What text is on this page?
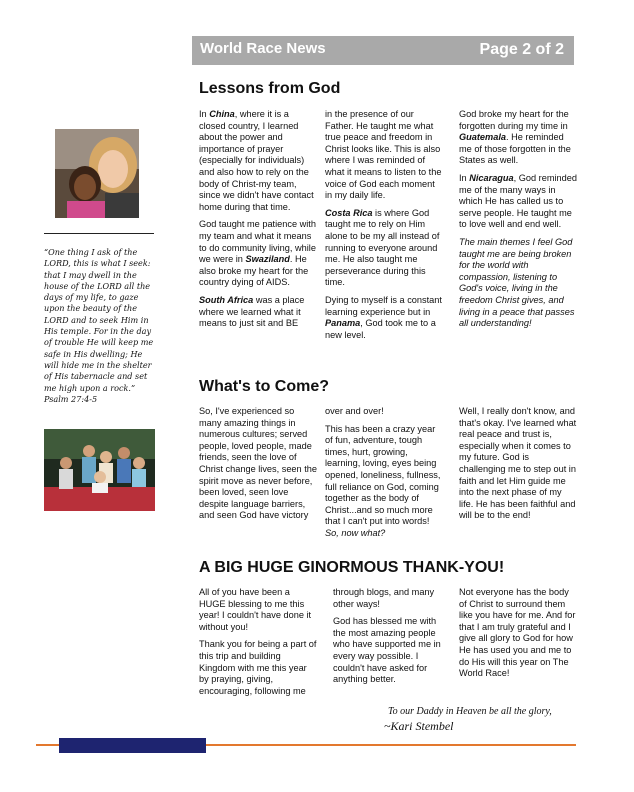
World Race News	Page 2 of 2
“One thing I ask of the LORD, this is what I seek: that I may dwell in the house of the LORD all the days of my life, to gaze upon the beauty of the LORD and to seek Him in His temple. For in the day of trouble He will keep me safe in His dwelling; He will hide me in the shelter of His tabernacle and set me high upon a rock.”
Psalm 27:4-5
Lessons from God

In China, where it is a closed country, I learned about the power and importance of prayer (especially for individuals) and also how to rely on the body of Christ-my team, since we didn't have contact home during that time.

God taught me patience with my team and what it means to do community living, while we were in Swaziland. He also broke my heart for the country dying of AIDS.

South Africa was a place where we learned what it means to just sit and BE

in the presence of our Father. He taught me what true peace and freedom in Christ looks like. This is also where I was reminded of what it means to listen to the voice of God each moment in my daily life.

Costa Rica is where God taught me to rely on Him alone to be my all instead of running to everyone around me. He also taught me perseverance during this time.

Dying to myself is a constant learning experience but in Panama, God took me to a new level.

God broke my heart for the forgotten during my time in Guatemala. He reminded me of those forgotten in the States as well.

In Nicaragua, God reminded me of the many ways in which He has called us to serve people. He taught me to love well and end well.

The main themes I feel God taught me are being broken for the world with compassion, listening to God's voice, living in the freedom Christ gives, and living in a peace that passes all understanding!

What's to Come?

So, I've experienced so many amazing things in numerous cultures; served people, loved people, made friends, seen the love of Christ change lives, seen the spirit move as never before, been loved, seen love despite language barriers, and seen God have victory

over and over!

This has been a crazy year of fun, adventure, tough times, hurt, growing, learning, loving, eyes being opened, loneliness, fullness, full reliance on God, coming together as the body of Christ...and so much more that I can't put into words! So, now what?

Well, I really don't know, and that's okay. I've learned what real peace and trust is, especially when it comes to my future. God is challenging me to step out in faith and let Him guide me into the next phase of my life. He has been faithful and will be to the end!

A BIG HUGE GINORMOUS THANK-YOU!

All of you have been a HUGE blessing to me this year! I couldn't have done it without you!

Thank you for being a part of this trip and building Kingdom with me this year by praying, giving, encouraging, following me

through blogs, and many other ways!

God has blessed me with the most amazing people who have supported me in every way possible. I couldn't have asked for anything better.

Not everyone has the body of Christ to surround them like you have for me. And for that I am truly grateful and I give all glory to God for how He has used you and me to do His will this year on The World Race!

To our Daddy in Heaven be all the glory,
~Kari Stembel
